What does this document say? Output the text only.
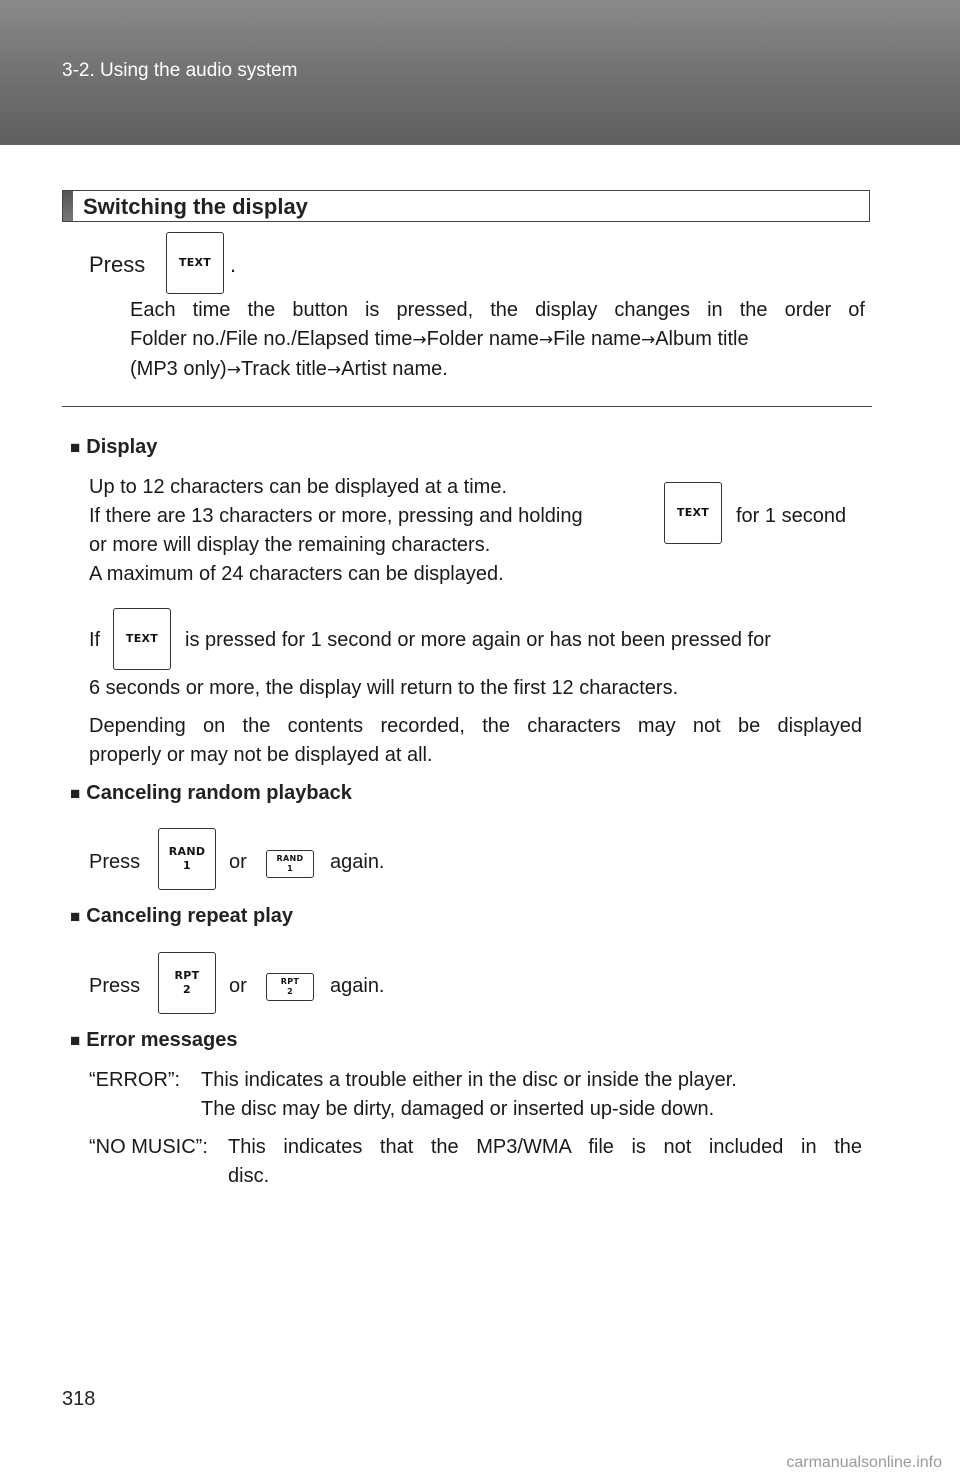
3-2. Using the audio system
Switching the display
Press	TEXT .
Each time the button is pressed, the display changes in the order of
Folder no./File no./Elapsed time→Folder name→File name→Album title
(MP3 only)→Track title→Artist name.
■ Display
Up to 12 characters can be displayed at a time.
If there are 13 characters or more, pressing and holding	TEXT for 1 second
or more will display the remaining characters.
A maximum of 24 characters can be displayed.
If TEXT is pressed for 1 second or more again or has not been pressed for
6 seconds or more, the display will return to the first 12 characters.
Depending on the contents recorded, the characters may not be displayed
properly or may not be displayed at all.
■ Canceling random playback
Press	RAND
1 or	RAND
1 again.
■ Canceling repeat play
Press	RPT
2 or	RPT
2 again.
■ Error messages
“ERROR”: This indicates a trouble either in the disc or inside the player.
The disc may be dirty, damaged or inserted up-side down.
“NO MUSIC”: This indicates that the MP3/WMA file is not included in the
disc.
318
carmanualsonline.info
